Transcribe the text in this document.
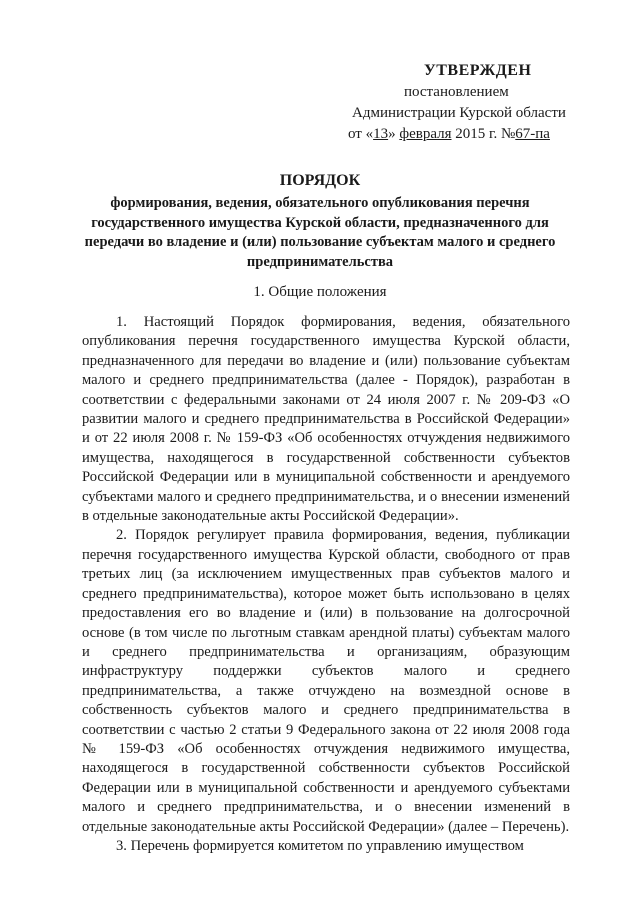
УТВЕРЖДЕН
постановлением
Администрации Курской области
от «13» февраля 2015 г. №67-па
ПОРЯДОК
формирования, ведения, обязательного опубликования перечня государственного имущества Курской области, предназначенного для передачи во владение и (или) пользование субъектам малого и среднего предпринимательства
1. Общие положения

1. Настоящий Порядок формирования, ведения, обязательного опубликования перечня государственного имущества Курской области, предназначенного для передачи во владение и (или) пользование субъектам малого и среднего предпринимательства (далее - Порядок), разработан в соответствии с федеральными законами от 24 июля 2007 г. № 209-ФЗ «О развитии малого и среднего предпринимательства в Российской Федерации» и от 22 июля 2008 г. № 159-ФЗ «Об особенностях отчуждения недвижимого имущества, находящегося в государственной собственности субъектов Российской Федерации или в муниципальной собственности и арендуемого субъектами малого и среднего предпринимательства, и о внесении изменений в отдельные законодательные акты Российской Федерации».

2. Порядок регулирует правила формирования, ведения, публикации перечня государственного имущества Курской области, свободного от прав третьих лиц (за исключением имущественных прав субъектов малого и среднего предпринимательства), которое может быть использовано в целях предоставления его во владение и (или) в пользование на долгосрочной основе (в том числе по льготным ставкам арендной платы) субъектам малого и среднего предпринимательства и организациям, образующим инфраструктуру поддержки субъектов малого и среднего предпринимательства, а также отчуждено на возмездной основе в собственность субъектов малого и среднего предпринимательства в соответствии с частью 2 статьи 9 Федерального закона от 22 июля 2008 года № 159-ФЗ «Об особенностях отчуждения недвижимого имущества, находящегося в государственной собственности субъектов Российской Федерации или в муниципальной собственности и арендуемого субъектами малого и среднего предпринимательства, и о внесении изменений в отдельные законодательные акты Российской Федерации» (далее – Перечень).

3. Перечень формируется комитетом по управлению имуществом
